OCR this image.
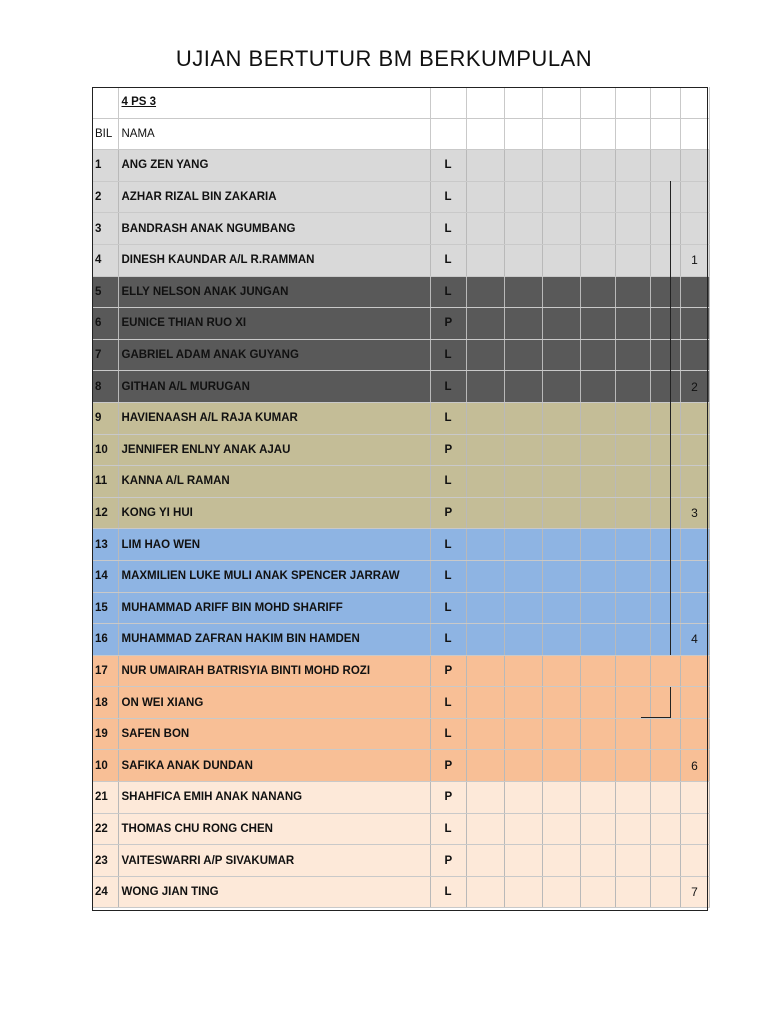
UJIAN BERTUTUR BM BERKUMPULAN
	4 PS 3								
BIL	NAMA								
1	ANG ZEN YANG	L							
2	AZHAR RIZAL BIN ZAKARIA	L							
3	BANDRASH ANAK NGUMBANG	L							
4	DINESH KAUNDAR A/L R.RAMMAN	L							1
5	ELLY NELSON ANAK JUNGAN	L							
6	EUNICE THIAN RUO XI	P							
7	GABRIEL ADAM ANAK GUYANG	L							
8	GITHAN A/L MURUGAN	L							2
9	HAVIENAASH A/L RAJA KUMAR	L							
10	JENNIFER ENLNY ANAK AJAU	P							
11	KANNA A/L RAMAN	L							
12	KONG YI HUI	P							3
13	LIM HAO WEN	L							
14	MAXMILIEN LUKE MULI ANAK SPENCER JARRAW	L							
15	MUHAMMAD ARIFF BIN MOHD SHARIFF	L							
16	MUHAMMAD ZAFRAN HAKIM BIN HAMDEN	L							4
17	NUR UMAIRAH BATRISYIA BINTI MOHD ROZI	P							
18	ON WEI XIANG	L							
19	SAFEN BON	L							
10	SAFIKA ANAK DUNDAN	P							6
21	SHAHFICA EMIH ANAK NANANG	P							
22	THOMAS CHU RONG CHEN	L							
23	VAITESWARRI A/P SIVAKUMAR	P							
24	WONG JIAN TING	L							7
